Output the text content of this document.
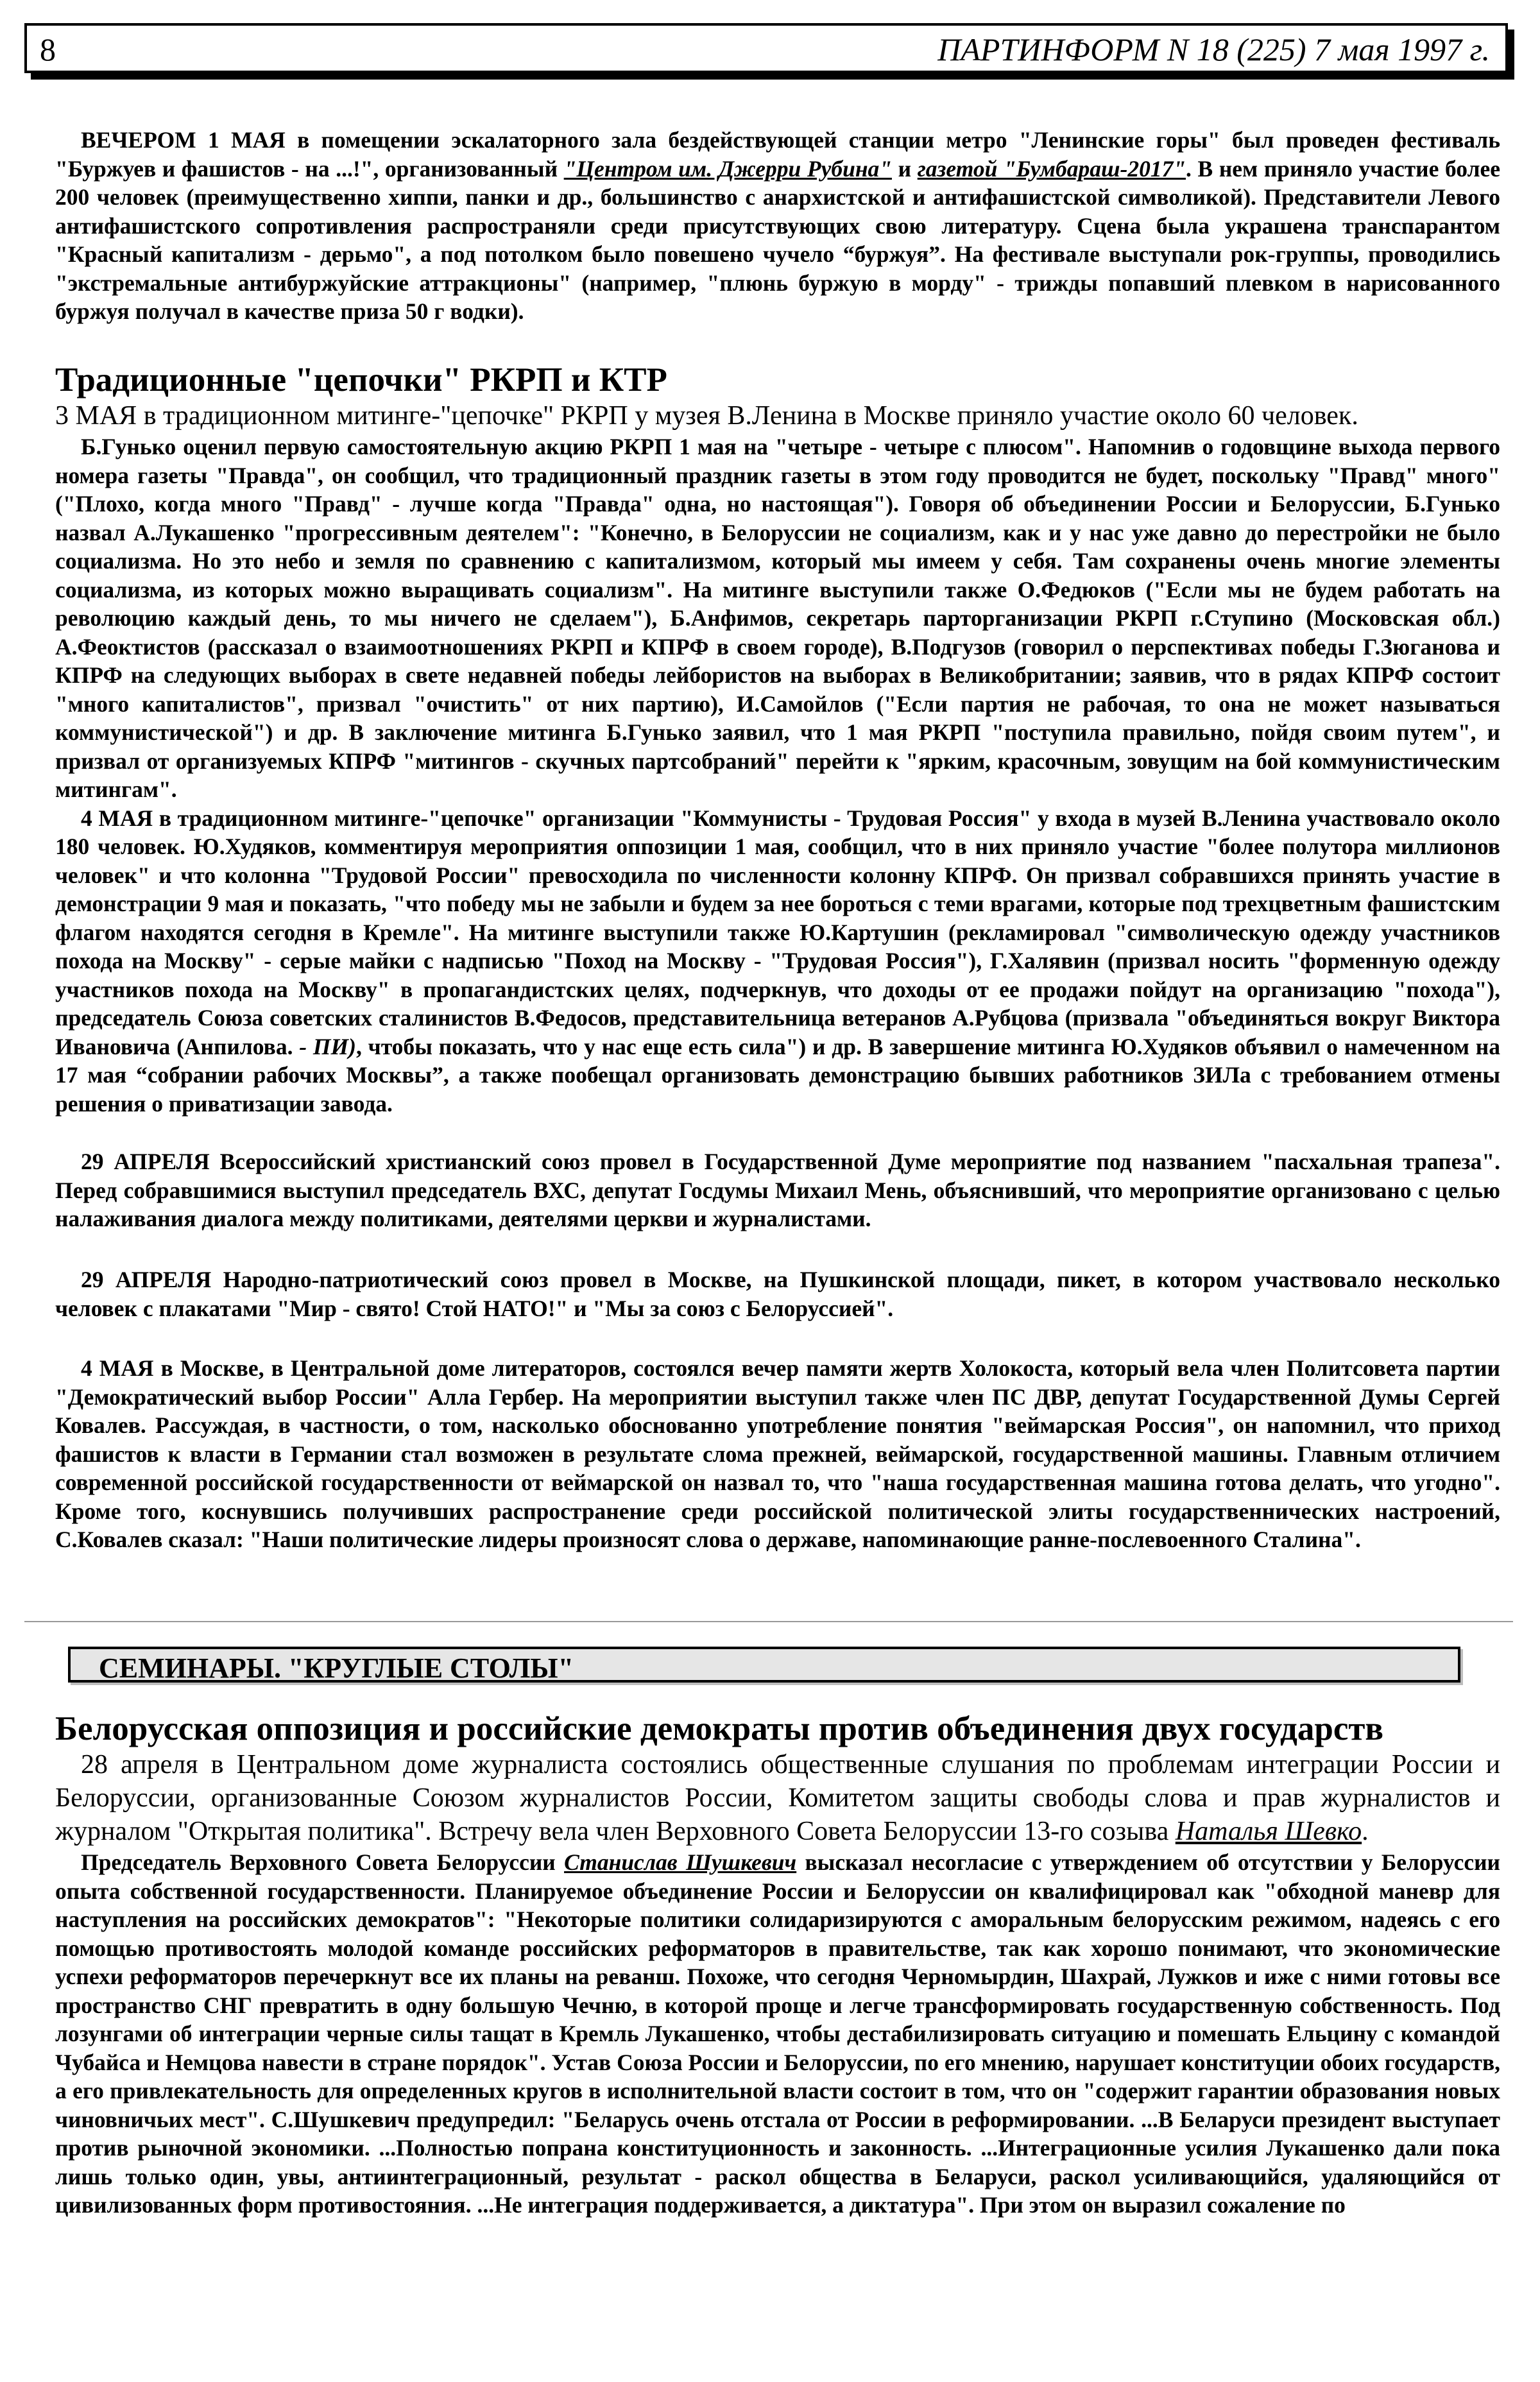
8	ПАРТИНФОРМ N 18 (225) 7 мая 1997 г.

ВЕЧЕРОМ 1 МАЯ в помещении эскалаторного зала бездействующей станции метро "Ленинские горы" был проведен фестиваль "Буржуев и фашистов - на ...!", организованный "Центром им. Джерри Рубина" и газетой "Бумбараш-2017". В нем приняло участие более 200 человек (преимущественно хиппи, панки и др., большинство с анархистской и антифашистской символикой). Представители Левого антифашистского сопротивления распространяли среди присутствующих свою литературу. Сцена была украшена транспарантом "Красный капитализм - дерьмо", а под потолком было повешено чучело “буржуя”. На фестивале выступали рок-группы, проводились "экстремальные антибуржуйские аттракционы" (например, "плюнь буржую в морду" - трижды попавший плевком в нарисованного буржуя получал в качестве приза 50 г водки).

Традиционные "цепочки" РКРП и КТР

3 МАЯ в традиционном митинге-"цепочке" РКРП у музея В.Ленина в Москве приняло участие около 60 человек.

Б.Гунько оценил первую самостоятельную акцию РКРП 1 мая на "четыре - четыре с плюсом". Напомнив о годовщине выхода первого номера газеты "Правда", он сообщил, что традиционный праздник газеты в этом году проводится не будет, поскольку "Правд" много" ("Плохо, когда много "Правд" - лучше когда "Правда" одна, но настоящая"). Говоря об объединении России и Белоруссии, Б.Гунько назвал А.Лукашенко "прогрессивным деятелем": "Конечно, в Белоруссии не социализм, как и у нас уже давно до перестройки не было социализма. Но это небо и земля по сравнению с капитализмом, который мы имеем у себя. Там сохранены очень многие элементы социализма, из которых можно выращивать социализм". На митинге выступили также О.Федюков ("Если мы не будем работать на революцию каждый день, то мы ничего не сделаем"), Б.Анфимов, секретарь парторганизации РКРП г.Ступино (Московская обл.) А.Феоктистов (рассказал о взаимоотношениях РКРП и КПРФ в своем городе), В.Подгузов (говорил о перспективах победы Г.Зюганова и КПРФ на следующих выборах в свете недавней победы лейбористов на выборах в Великобритании; заявив, что в рядах КПРФ состоит "много капиталистов", призвал "очистить" от них партию), И.Самойлов ("Если партия не рабочая, то она не может называться коммунистической") и др. В заключение митинга Б.Гунько заявил, что 1 мая РКРП "поступила правильно, пойдя своим путем", и призвал от организуемых КПРФ "митингов - скучных партсобраний" перейти к "ярким, красочным, зовущим на бой коммунистическим митингам".

4 МАЯ в традиционном митинге-"цепочке" организации "Коммунисты - Трудовая Россия" у входа в музей В.Ленина участвовало около 180 человек. Ю.Худяков, комментируя мероприятия оппозиции 1 мая, сообщил, что в них приняло участие "более полутора миллионов человек" и что колонна "Трудовой России" превосходила по численности колонну КПРФ. Он призвал собравшихся принять участие в демонстрации 9 мая и показать, "что победу мы не забыли и будем за нее бороться с теми врагами, которые под трехцветным фашистским флагом находятся сегодня в Кремле". На митинге выступили также Ю.Картушин (рекламировал "символическую одежду участников похода на Москву" - серые майки с надписью "Поход на Москву - "Трудовая Россия"), Г.Халявин (призвал носить "форменную одежду участников похода на Москву" в пропагандистских целях, подчеркнув, что доходы от ее продажи пойдут на организацию "похода"), председатель Союза советских сталинистов В.Федосов, представительница ветеранов А.Рубцова (призвала "объединяться вокруг Виктора Ивановича (Анпилова. - ПИ), чтобы показать, что у нас еще есть сила") и др. В завершение митинга Ю.Худяков объявил о намеченном на 17 мая “собрании рабочих Москвы”, а также пообещал организовать демонстрацию бывших работников ЗИЛа с требованием отмены решения о приватизации завода.

29 АПРЕЛЯ Всероссийский христианский союз провел в Государственной Думе мероприятие под названием "пасхальная трапеза". Перед собравшимися выступил председатель ВХС, депутат Госдумы Михаил Мень, объяснивший, что мероприятие организовано с целью налаживания диалога между политиками, деятелями церкви и журналистами.

29 АПРЕЛЯ Народно-патриотический союз провел в Москве, на Пушкинской площади, пикет, в котором участвовало несколько человек с плакатами "Мир - свято! Стой НАТО!" и "Мы за союз с Белоруссией".

4 МАЯ в Москве, в Центральной доме литераторов, состоялся вечер памяти жертв Холокоста, который вела член Политсовета партии "Демократический выбор России" Алла Гербер. На мероприятии выступил также член ПС ДВР, депутат Государственной Думы Сергей Ковалев. Рассуждая, в частности, о том, насколько обоснованно употребление понятия "веймарская Россия", он напомнил, что приход фашистов к власти в Германии стал возможен в результате слома прежней, веймарской, государственной машины. Главным отличием современной российской государственности от веймарской он назвал то, что "наша государственная машина готова делать, что угодно". Кроме того, коснувшись получивших распространение среди российской политической элиты государственнических настроений, С.Ковалев сказал: "Наши политические лидеры произносят слова о державе, напоминающие ранне-послевоенного Сталина".

СЕМИНАРЫ. "КРУГЛЫЕ СТОЛЫ"
Белорусская оппозиция и российские демократы против объединения двух государств

28 апреля в Центральном доме журналиста состоялись общественные слушания по проблемам интеграции России и Белоруссии, организованные Союзом журналистов России, Комитетом защиты свободы слова и прав журналистов и журналом "Открытая политика". Встречу вела член Верховного Совета Белоруссии 13-го созыва Наталья Шевко.

Председатель Верховного Совета Белоруссии Станислав Шушкевич высказал несогласие с утверждением об отсутствии у Белоруссии опыта собственной государственности. Планируемое объединение России и Белоруссии он квалифицировал как "обходной маневр для наступления на российских демократов": "Некоторые политики солидаризируются с аморальным белорусским режимом, надеясь с его помощью противостоять молодой команде российских реформаторов в правительстве, так как хорошо понимают, что экономические успехи реформаторов перечеркнут все их планы на реванш. Похоже, что сегодня Черномырдин, Шахрай, Лужков и иже с ними готовы все пространство СНГ превратить в одну большую Чечню, в которой проще и легче трансформировать государственную собственность. Под лозунгами об интеграции черные силы тащат в Кремль Лукашенко, чтобы дестабилизировать ситуацию и помешать Ельцину с командой Чубайса и Немцова навести в стране порядок". Устав Союза России и Белоруссии, по его мнению, нарушает конституции обоих государств, а его привлекательность для определенных кругов в исполнительной власти состоит в том, что он "содержит гарантии образования новых чиновничьих мест". С.Шушкевич предупредил: "Беларусь очень отстала от России в реформировании. ...В Беларуси президент выступает против рыночной экономики. ...Полностью попрана конституционность и законность. ...Интеграционные усилия Лукашенко дали пока лишь только один, увы, антиинтеграционный, результат - раскол общества в Беларуси, раскол усиливающийся, удаляющийся от цивилизованных форм противостояния. ...Не интеграция поддерживается, а диктатура". При этом он выразил сожаление по
